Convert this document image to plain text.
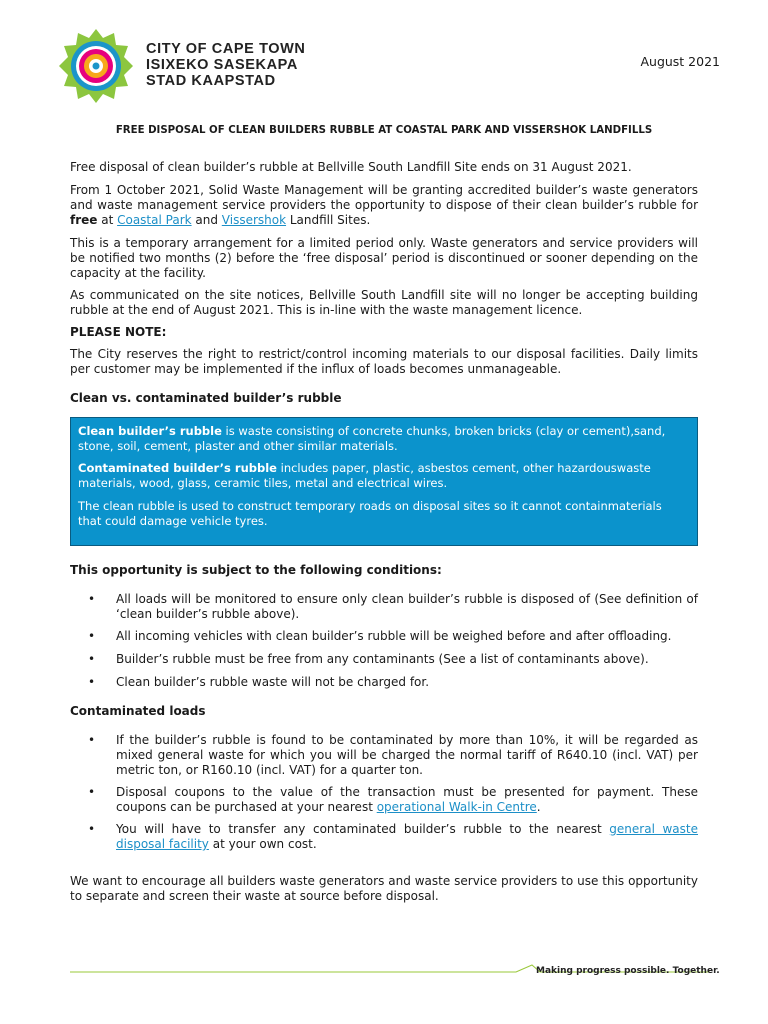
CITY OF CAPE TOWN
ISIXEKO SASEKAPA
STAD KAAPSTAD
August 2021
FREE DISPOSAL OF CLEAN BUILDERS RUBBLE AT COASTAL PARK AND VISSERSHOK LANDFILLS
Free disposal of clean builder’s rubble at Bellville South Landfill Site ends on 31 August 2021.
From 1 October 2021, Solid Waste Management will be granting accredited builder’s waste generators and waste management service providers the opportunity to dispose of their clean builder’s rubble for free at Coastal Park and Vissershok Landfill Sites.
This is a temporary arrangement for a limited period only. Waste generators and service providers will be notified two months (2) before the ‘free disposal’ period is discontinued or sooner depending on the capacity at the facility.
As communicated on the site notices, Bellville South Landfill site will no longer be accepting building rubble at the end of August 2021. This is in-line with the waste management licence.
PLEASE NOTE:
The City reserves the right to restrict/control incoming materials to our disposal facilities. Daily limits per customer may be implemented if the influx of loads becomes unmanageable.
Clean vs. contaminated builder’s rubble
Clean builder’s rubble is waste consisting of concrete chunks, broken bricks (clay or cement),sand, stone, soil, cement, plaster and other similar materials.
Contaminated builder’s rubble includes paper, plastic, asbestos cement, other hazardouswaste materials, wood, glass, ceramic tiles, metal and electrical wires.
The clean rubble is used to construct temporary roads on disposal sites so it cannot containmaterials that could damage vehicle tyres.
This opportunity is subject to the following conditions:
• All loads will be monitored to ensure only clean builder’s rubble is disposed of (See definition of ‘clean builder’s rubble above).
• All incoming vehicles with clean builder’s rubble will be weighed before and after offloading.
• Builder’s rubble must be free from any contaminants (See a list of contaminants above).
• Clean builder’s rubble waste will not be charged for.
Contaminated loads
• If the builder’s rubble is found to be contaminated by more than 10%, it will be regarded as mixed general waste for which you will be charged the normal tariff of R640.10 (incl. VAT) per metric ton, or R160.10 (incl. VAT) for a quarter ton.
• Disposal coupons to the value of the transaction must be presented for payment. These coupons can be purchased at your nearest operational Walk-in Centre.
• You will have to transfer any contaminated builder’s rubble to the nearest general waste disposal facility at your own cost.
We want to encourage all builders waste generators and waste service providers to use this opportunity to separate and screen their waste at source before disposal.
Making progress possible. Together.
